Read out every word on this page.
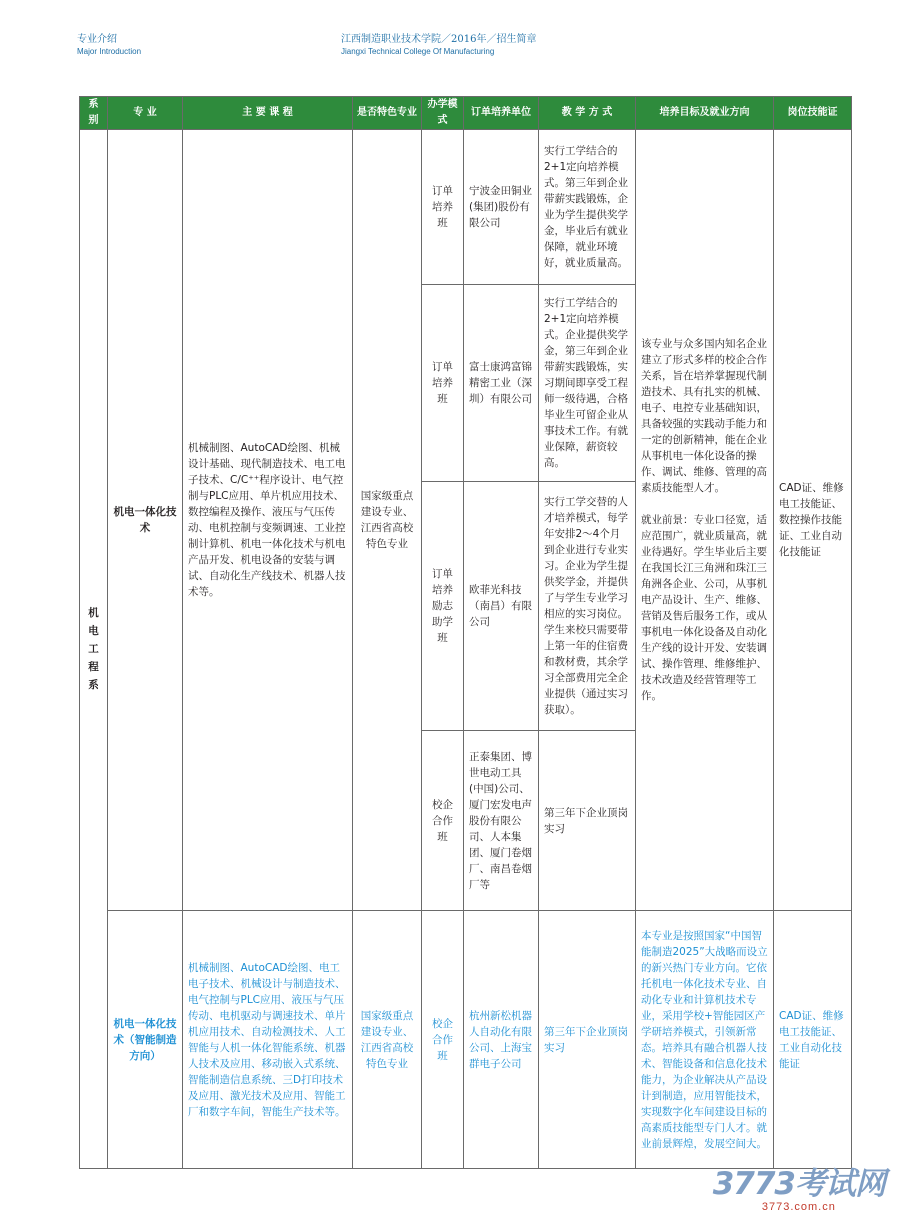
专业介绍
Major Introduction
江西制造职业技术学院／2016年／招生简章
Jiangxi Technical College Of Manufacturing
系 别	专 业	主 要 课 程	是否特色专业	办学模式	订单培养单位	教 学 方 式	培养目标及就业方向	岗位技能证
机电工程系	机电一体化技术	机械制图、AutoCAD绘图、机械设计基础、现代制造技术、电工电子技术、C/C⁺⁺程序设计、电气控制与PLC应用、单片机应用技术、数控编程及操作、液压与气压传动、电机控制与变频调速、工业控制计算机、机电一体化技术与机电产品开发、机电设备的安装与调试、自动化生产线技术、机器人技术等。	国家级重点建设专业、江西省高校特色专业	订单培养班	宁波金田铜业(集团)股份有限公司	实行工学结合的2+1定向培养模式。第三年到企业带薪实践锻炼，企业为学生提供奖学金，毕业后有就业保障，就业环境好，就业质量高。	该专业与众多国内知名企业建立了形式多样的校企合作关系，旨在培养掌握现代制造技术、具有扎实的机械、电子、电控专业基础知识，具备较强的实践动手能力和一定的创新精神，能在企业从事机电一体化设备的操作、调试、维修、管理的高素质技能型人才。
就业前景：专业口径宽，适应范围广，就业质量高，就业待遇好。学生毕业后主要在我国长江三角洲和珠江三角洲各企业、公司，从事机电产品设计、生产、维修、营销及售后服务工作，或从事机电一体化设备及自动化生产线的设计开发、安装调试、操作管理、维修维护、技术改造及经营管理等工作。	CAD证、维修电工技能证、数控操作技能证、工业自动化技能证
				订单培养班	富士康鸿富锦精密工业（深圳）有限公司	实行工学结合的2+1定向培养模式。企业提供奖学金，第三年到企业带薪实践锻炼，实习期间即享受工程师一级待遇，合格毕业生可留企业从事技术工作。有就业保障，薪资较高。		
				订单培养励志助学班	欧菲光科技（南昌）有限公司	实行工学交替的人才培养模式，每学年安排2～4个月到企业进行专业实习。企业为学生提供奖学金，并提供了与学生专业学习相应的实习岗位。学生来校只需要带上第一年的住宿费和教材费，其余学习全部费用完全企业提供（通过实习获取）。		
				校企合作班	正泰集团、博世电动工具(中国)公司、厦门宏发电声股份有限公司、人本集团、厦门卷烟厂、南昌卷烟厂等	第三年下企业顶岗实习		
	机电一体化技术（智能制造方向）	机械制图、AutoCAD绘图、电工电子技术、机械设计与制造技术、电气控制与PLC应用、液压与气压传动、电机驱动与调速技术、单片机应用技术、自动检测技术、人工智能与人机一体化智能系统、机器人技术及应用、移动嵌入式系统、智能制造信息系统、三D打印技术及应用、激光技术及应用、智能工厂和数字车间，智能生产技术等。	国家级重点建设专业、江西省高校特色专业	校企合作班	杭州新松机器人自动化有限公司、上海宝群电子公司	第三年下企业顶岗实习	本专业是按照国家“中国智能制造2025”大战略而设立的新兴热门专业方向。它依托机电一体化技术专业、自动化专业和计算机技术专业，采用学校+智能园区产学研培养模式，引领新常态。培养具有融合机器人技术、智能设备和信息化技术能力，为企业解决从产品设计到制造，应用智能技术，实现数字化车间建设目标的高素质技能型专门人才。就业前景辉煌，发展空间大。	CAD证、维修电工技能证、工业自动化技能证
3773考试网
3773.com.cn
